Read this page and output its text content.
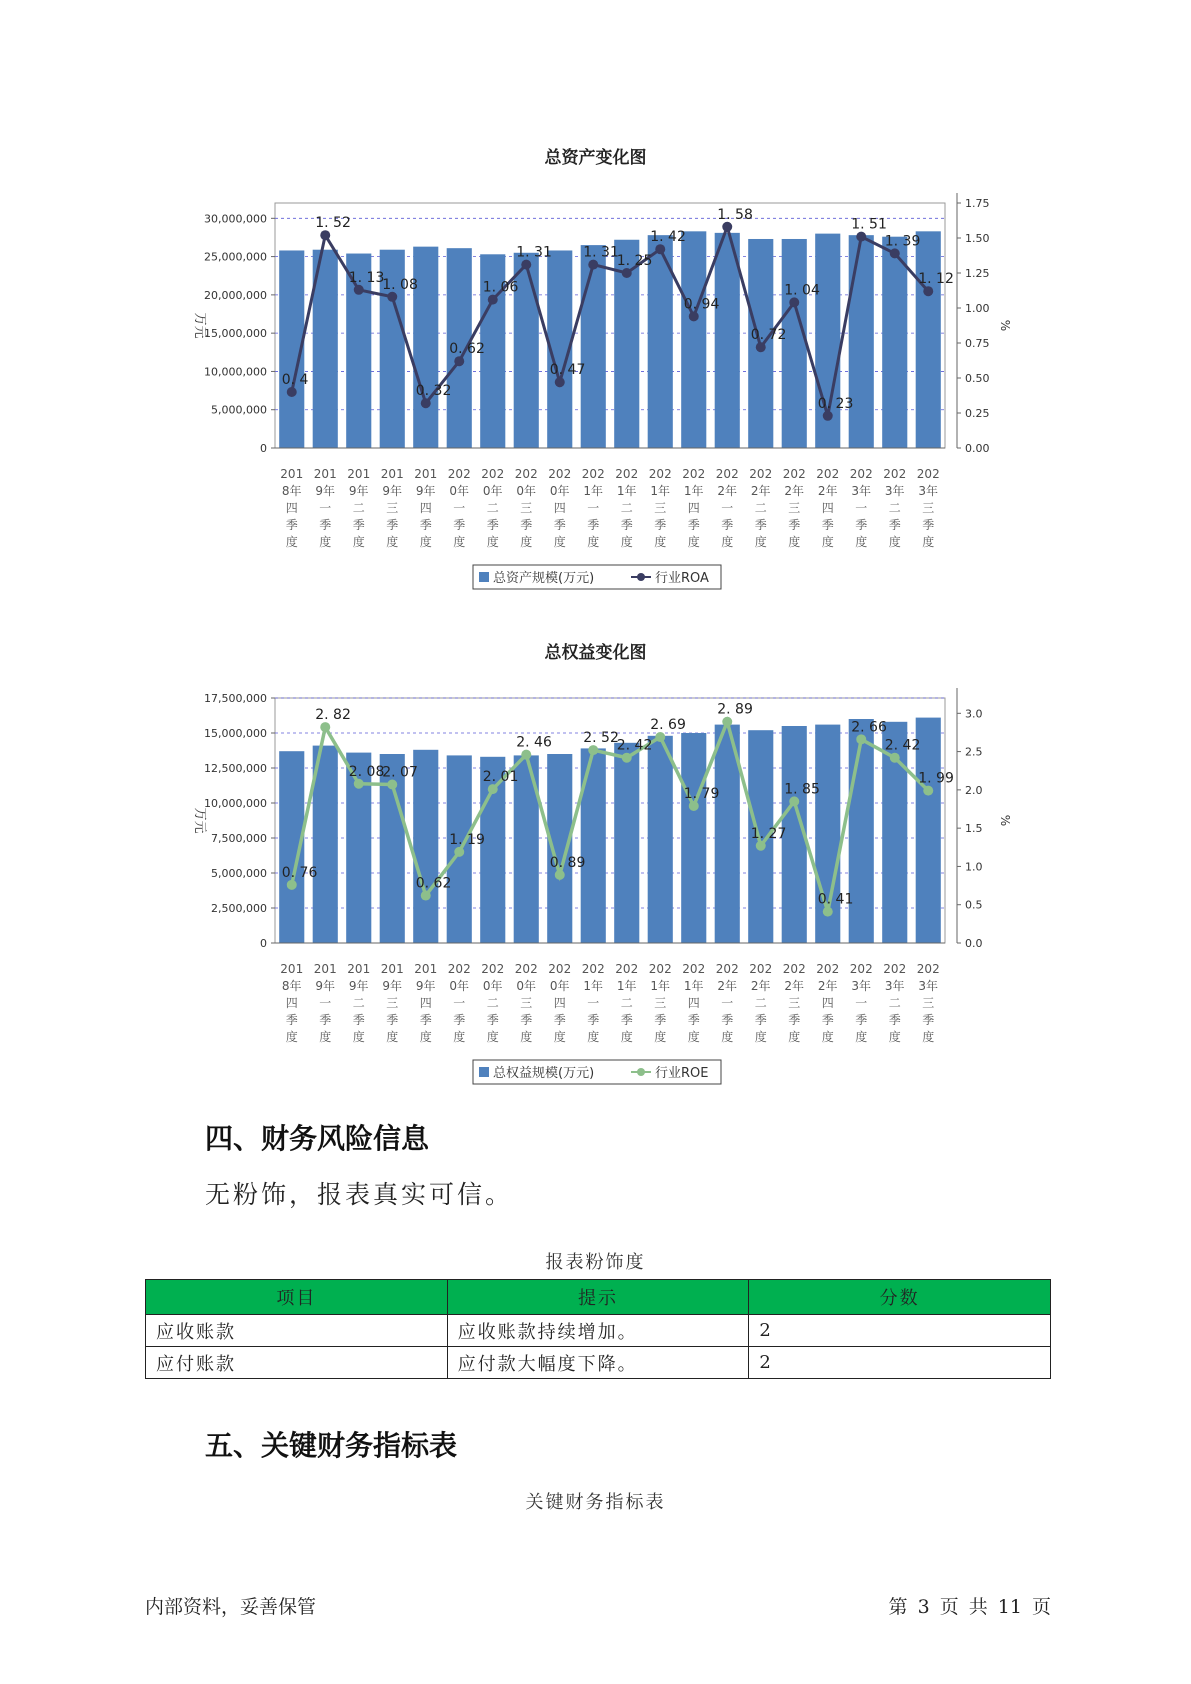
总资产变化图
0
5,000,000
10,000,000
15,000,000
20,000,000
25,000,000
30,000,000
0.00
0.25
0.50
0.75
1.00
1.25
1.50
1.75
万元	%
0. 4
1. 52
1. 13
1. 08
0. 32
0. 62
1. 06
1. 31
0. 47
1. 31
1. 25
1. 42
0. 94
1. 58
0. 72
1. 04
0. 23
1. 51
1. 39
1. 12
201
8年
四
季
度
201
9年
一
季
度
201
9年
二
季
度
201
9年
三
季
度
201
9年
四
季
度
202
0年
一
季
度
202
0年
二
季
度
202
0年
三
季
度
202
0年
四
季
度
202
1年
一
季
度
202
1年
二
季
度
202
1年
三
季
度
202
1年
四
季
度
202
2年
一
季
度
202
2年
二
季
度
202
2年
三
季
度
202
2年
四
季
度
202
3年
一
季
度
202
3年
二
季
度
202
3年
三
季
度
总资产规模(万元)	行业ROA
总权益变化图
0
2,500,000
5,000,000
7,500,000
10,000,000
12,500,000
15,000,000
17,500,000
0.0
0.5
1.0
1.5
2.0
2.5
3.0
万元	%
0. 76
2. 82
2. 08
2. 07
0. 62
1. 19
2. 01
2. 46
0. 89
2. 52
2. 42
2. 69
1. 79
2. 89
1. 27
1. 85
0. 41
2. 66
2. 42
1. 99
201
8年
四
季
度
201
9年
一
季
度
201
9年
二
季
度
201
9年
三
季
度
201
9年
四
季
度
202
0年
一
季
度
202
0年
二
季
度
202
0年
三
季
度
202
0年
四
季
度
202
1年
一
季
度
202
1年
二
季
度
202
1年
三
季
度
202
1年
四
季
度
202
2年
一
季
度
202
2年
二
季
度
202
2年
三
季
度
202
2年
四
季
度
202
3年
一
季
度
202
3年
二
季
度
202
3年
三
季
度
总权益规模(万元)	行业ROE
四、财务风险信息
无粉饰，报表真实可信。
报表粉饰度
项目	提示	分数
应收账款	应收账款持续增加。	2
应付账款	应付款大幅度下降。	2
五、关键财务指标表
关键财务指标表
内部资料，妥善保管	第 3 页 共 11 页
